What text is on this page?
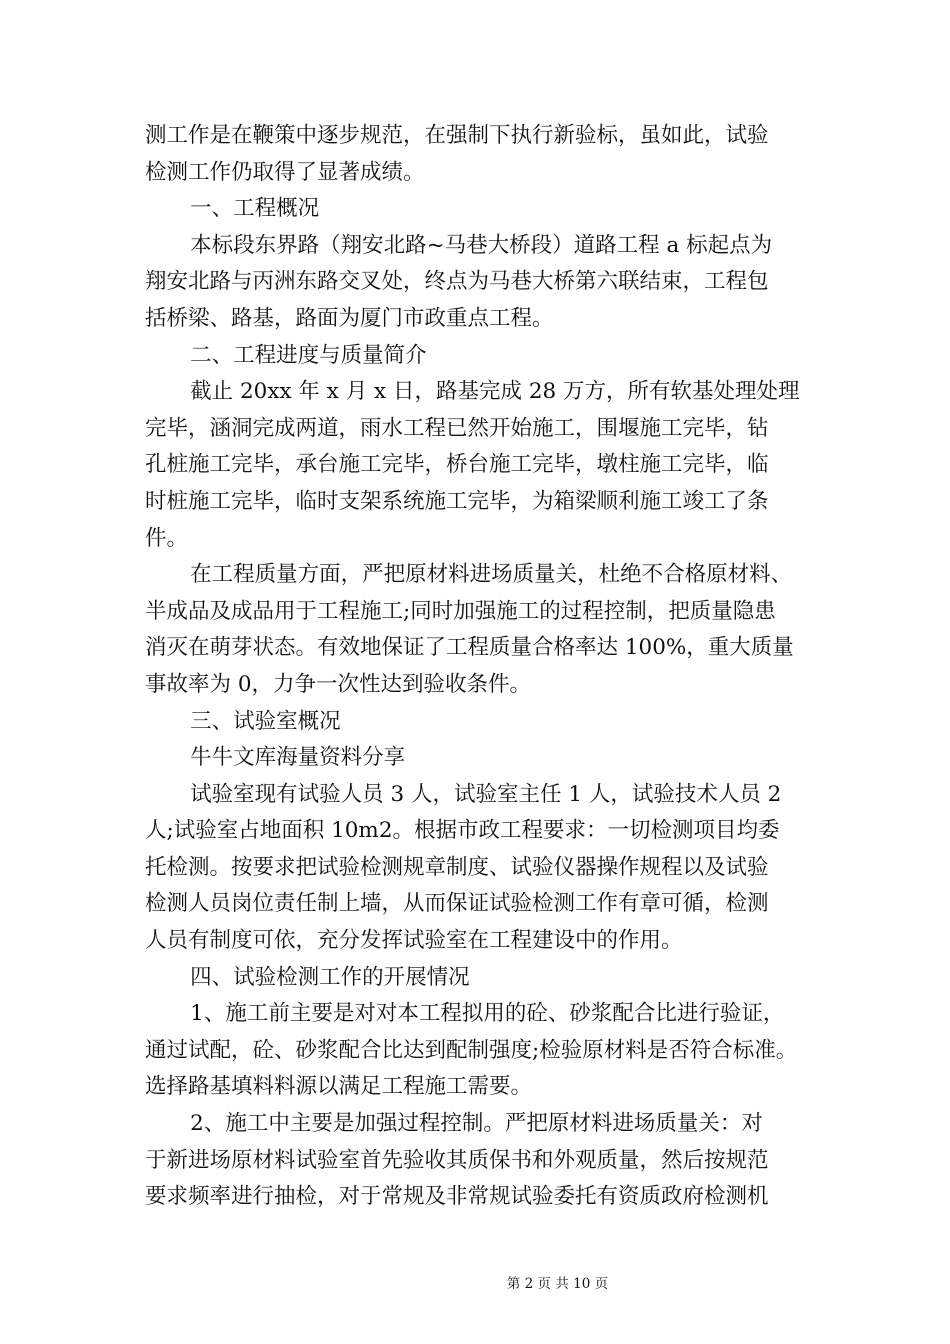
测工作是在鞭策中逐步规范，在强制下执行新验标，虽如此，试验
检测工作仍取得了显著成绩。
一、工程概况
本标段东界路（翔安北路~马巷大桥段）道路工程 a 标起点为
翔安北路与丙洲东路交叉处，终点为马巷大桥第六联结束，工程包
括桥梁、路基，路面为厦门市政重点工程。
二、工程进度与质量简介
截止 20xx 年 x 月 x 日，路基完成 28 万方，所有软基处理处理
完毕，涵洞完成两道，雨水工程已然开始施工，围堰施工完毕，钻
孔桩施工完毕，承台施工完毕，桥台施工完毕，墩柱施工完毕，临
时桩施工完毕，临时支架系统施工完毕，为箱梁顺利施工竣工了条
件。
在工程质量方面，严把原材料进场质量关，杜绝不合格原材料、
半成品及成品用于工程施工;同时加强施工的过程控制，把质量隐患
消灭在萌芽状态。有效地保证了工程质量合格率达 100%，重大质量
事故率为 0，力争一次性达到验收条件。
三、试验室概况
牛牛文库海量资料分享
试验室现有试验人员 3 人，试验室主任 1 人，试验技术人员 2
人;试验室占地面积 10m2。根据市政工程要求：一切检测项目均委
托检测。按要求把试验检测规章制度、试验仪器操作规程以及试验
检测人员岗位责任制上墙，从而保证试验检测工作有章可循，检测
人员有制度可依，充分发挥试验室在工程建设中的作用。
四、试验检测工作的开展情况
1、施工前主要是对对本工程拟用的砼、砂浆配合比进行验证，
通过试配，砼、砂浆配合比达到配制强度;检验原材料是否符合标准。
选择路基填料料源以满足工程施工需要。
2、施工中主要是加强过程控制。严把原材料进场质量关：对
于新进场原材料试验室首先验收其质保书和外观质量，然后按规范
要求频率进行抽检，对于常规及非常规试验委托有资质政府检测机
第 2 页 共 10 页
